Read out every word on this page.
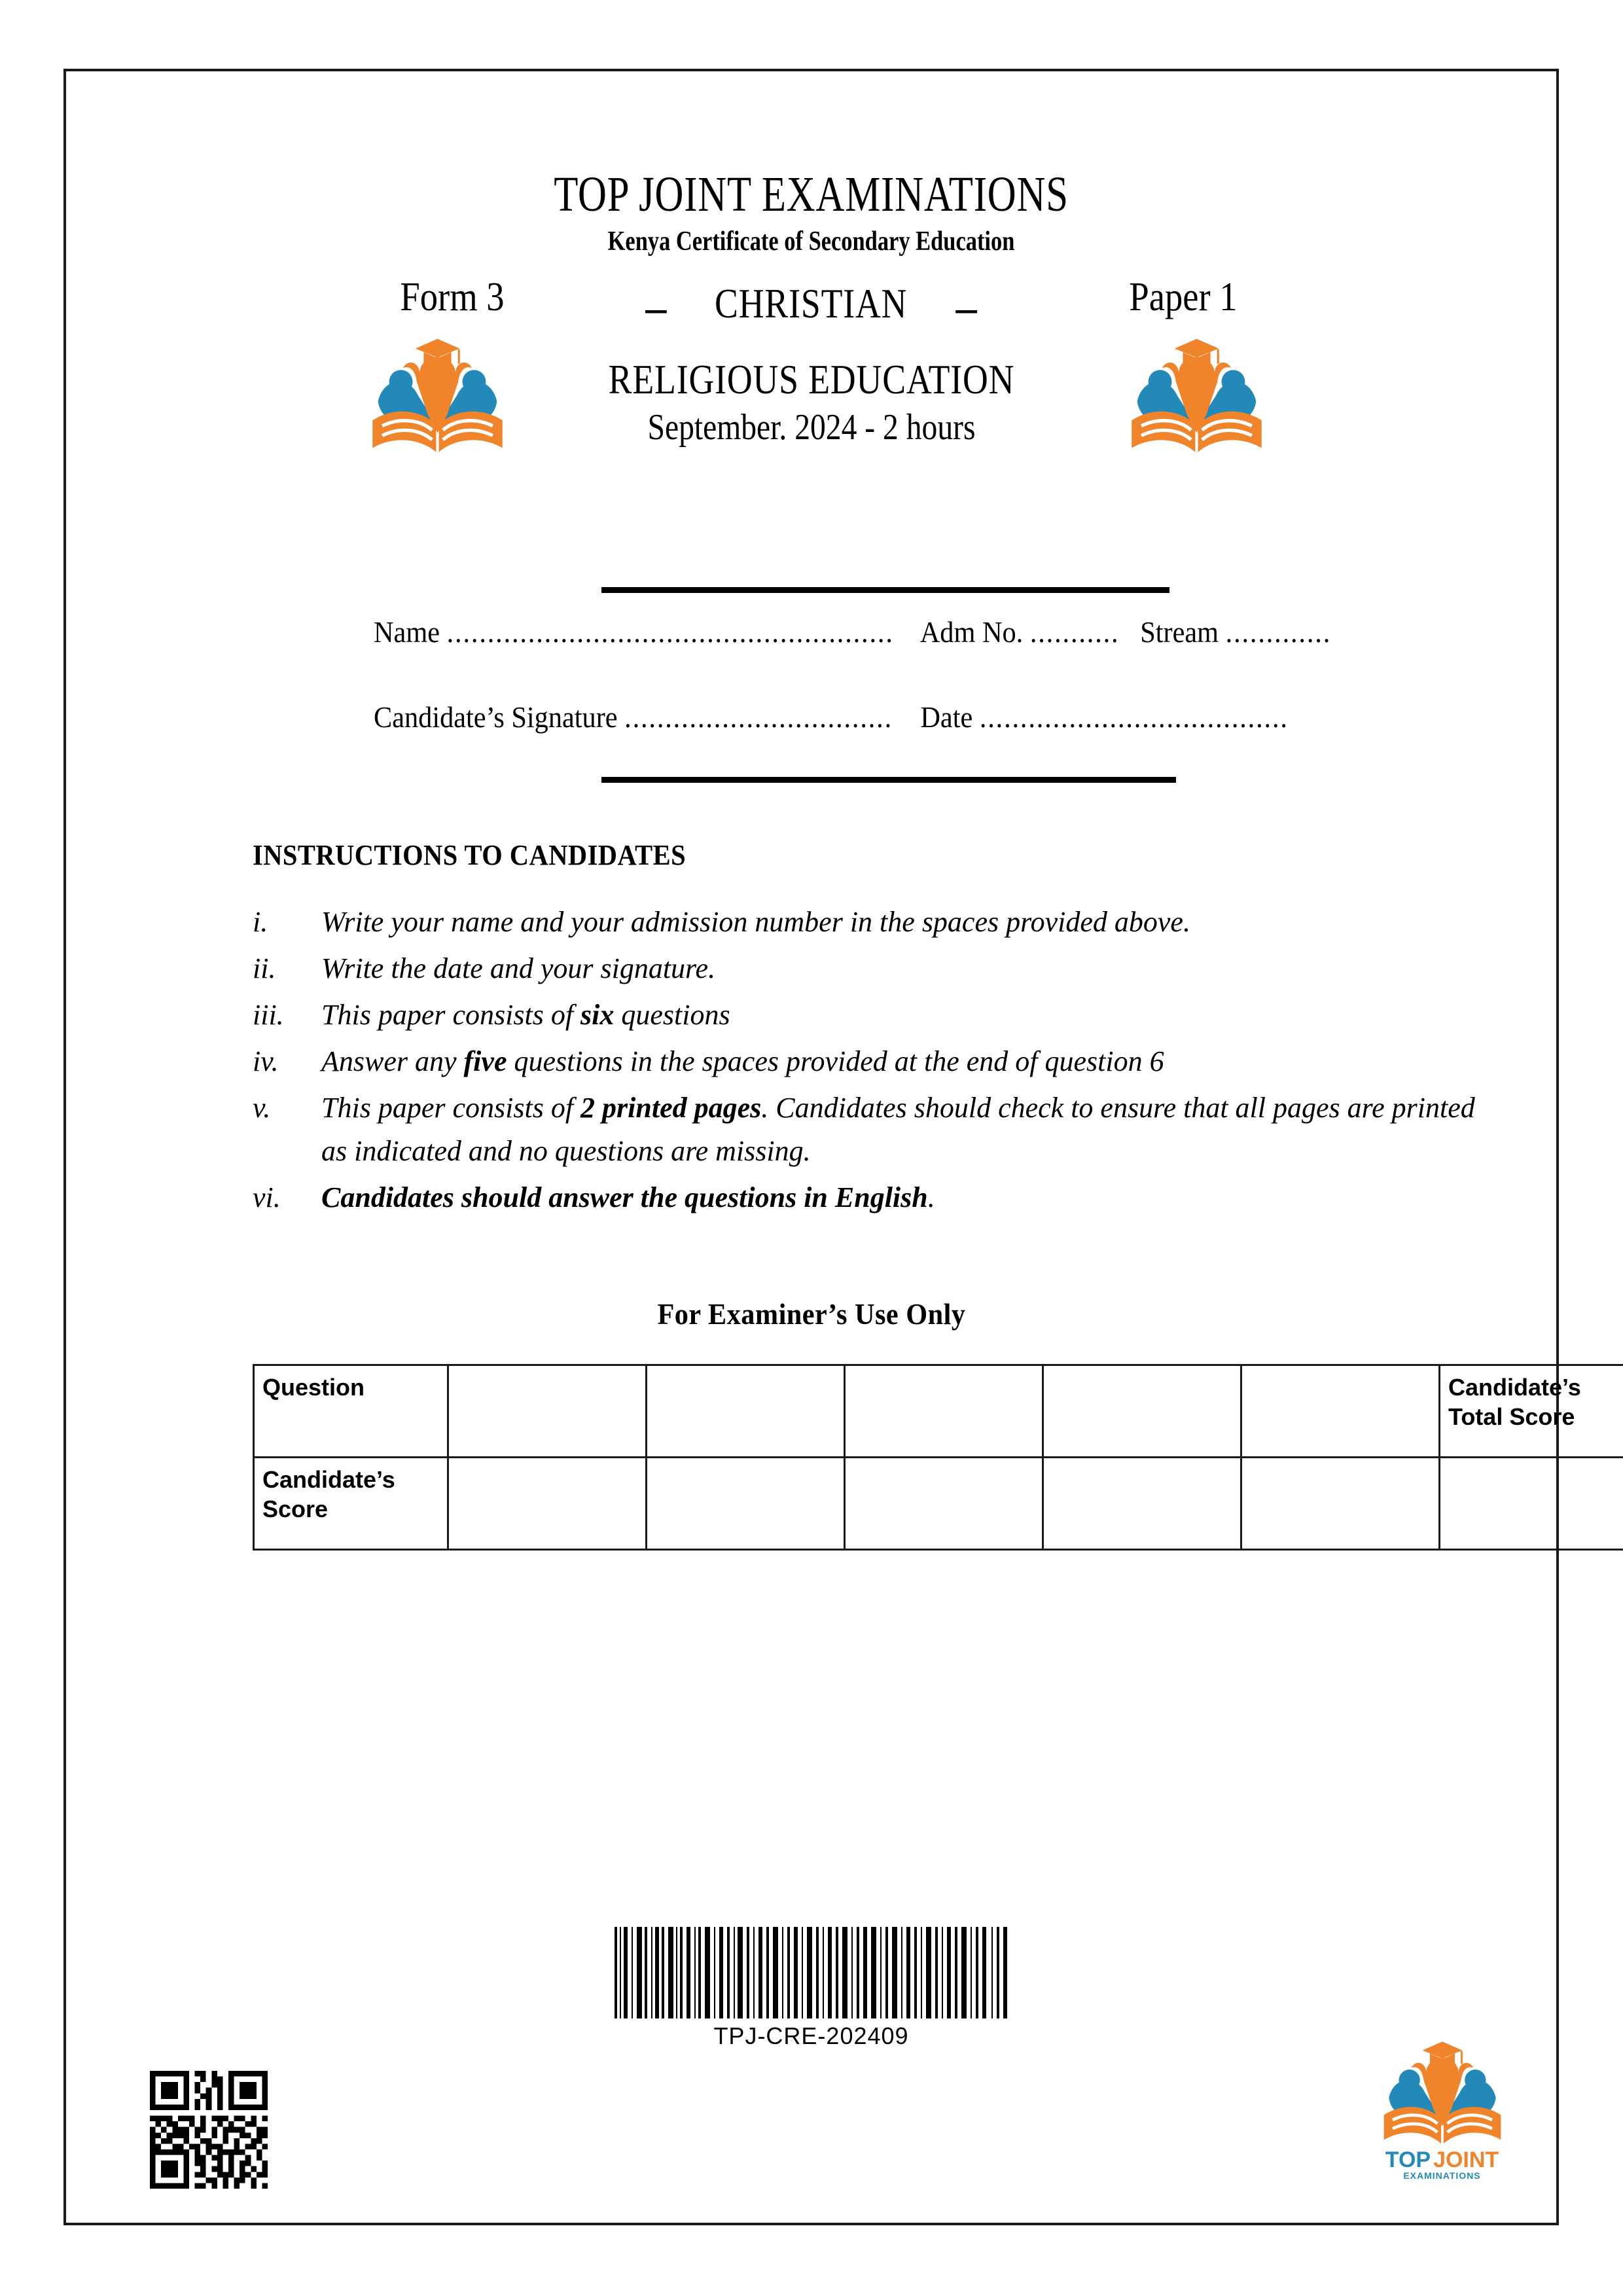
TOP JOINT EXAMINATIONS
Kenya Certificate of Secondary Education
Form 3	Paper 1
– CHRISTIAN –
RELIGIOUS EDUCATION
September. 2024 - 2 hours
Name ....................................................... Adm No. ........... Stream .............
Candidate’s Signature ................................. Date ......................................
INSTRUCTIONS TO CANDIDATES
i.	Write your name and your admission number in the spaces provided above.
ii.	Write the date and your signature.
iii.	This paper consists of six questions
iv.	Answer any five questions in the spaces provided at the end of question 6
v.	This paper consists of 2 printed pages. Candidates should check to ensure that all pages are printed as indicated and no questions are missing.
vi.	Candidates should answer the questions in English.
For Examiner’s Use Only
Question						Candidate’s Total Score
Candidate’s Score						
TPJ-CRE-202409
TOP JOINT
EXAMINATIONS
